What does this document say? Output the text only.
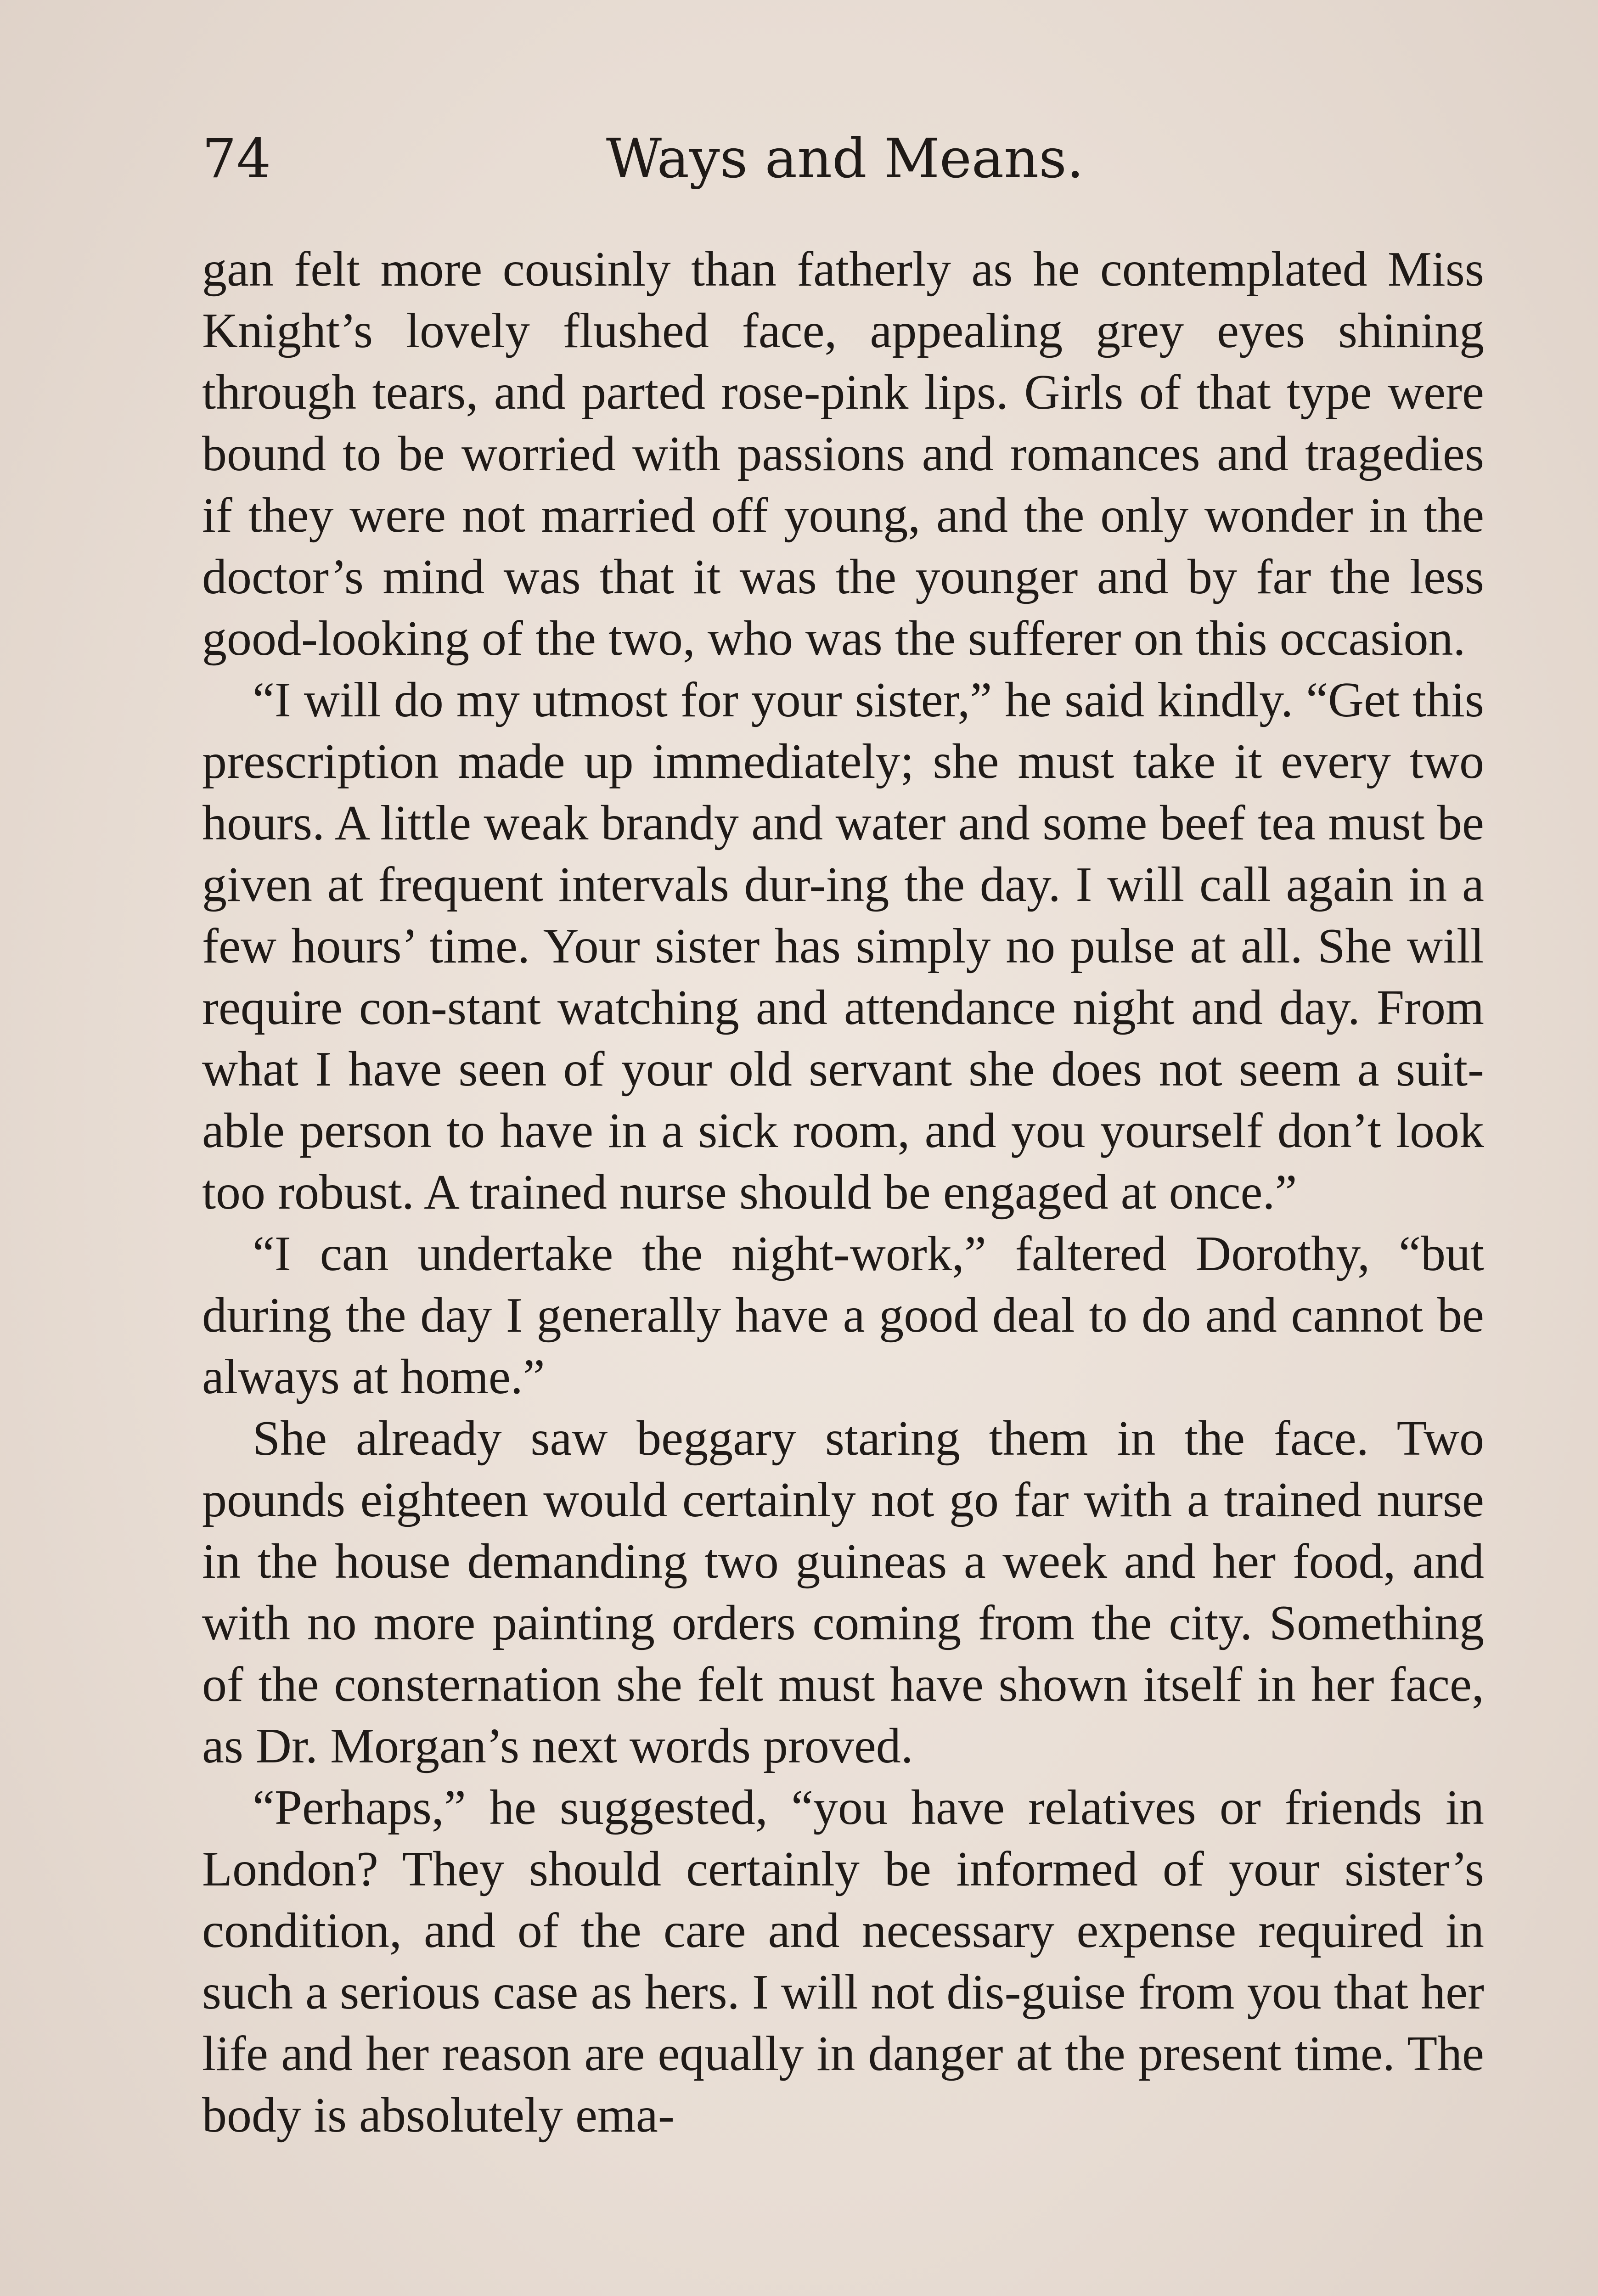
74	Ways and Means.

gan felt more cousinly than fatherly as he contemplated Miss Knight’s lovely flushed face, appealing grey eyes shining through tears, and parted rose-pink lips. Girls of that type were bound to be worried with passions and romances and tragedies if they were not married off young, and the only wonder in the doctor’s mind was that it was the younger and by far the less good-looking of the two, who was the sufferer on this occasion.

“I will do my utmost for your sister,” he said kindly. “Get this prescription made up immediately; she must take it every two hours. A little weak brandy and water and some beef tea must be given at frequent intervals dur-ing the day. I will call again in a few hours’ time. Your sister has simply no pulse at all. She will require con-stant watching and attendance night and day. From what I have seen of your old servant she does not seem a suit-able person to have in a sick room, and you yourself don’t look too robust. A trained nurse should be engaged at once.”

“I can undertake the night-work,” faltered Dorothy, “but during the day I generally have a good deal to do and cannot be always at home.”

She already saw beggary staring them in the face. Two pounds eighteen would certainly not go far with a trained nurse in the house demanding two guineas a week and her food, and with no more painting orders coming from the city. Something of the consternation she felt must have shown itself in her face, as Dr. Morgan’s next words proved.

“Perhaps,” he suggested, “you have relatives or friends in London? They should certainly be informed of your sister’s condition, and of the care and necessary expense required in such a serious case as hers. I will not dis-guise from you that her life and her reason are equally in danger at the present time. The body is absolutely ema-
